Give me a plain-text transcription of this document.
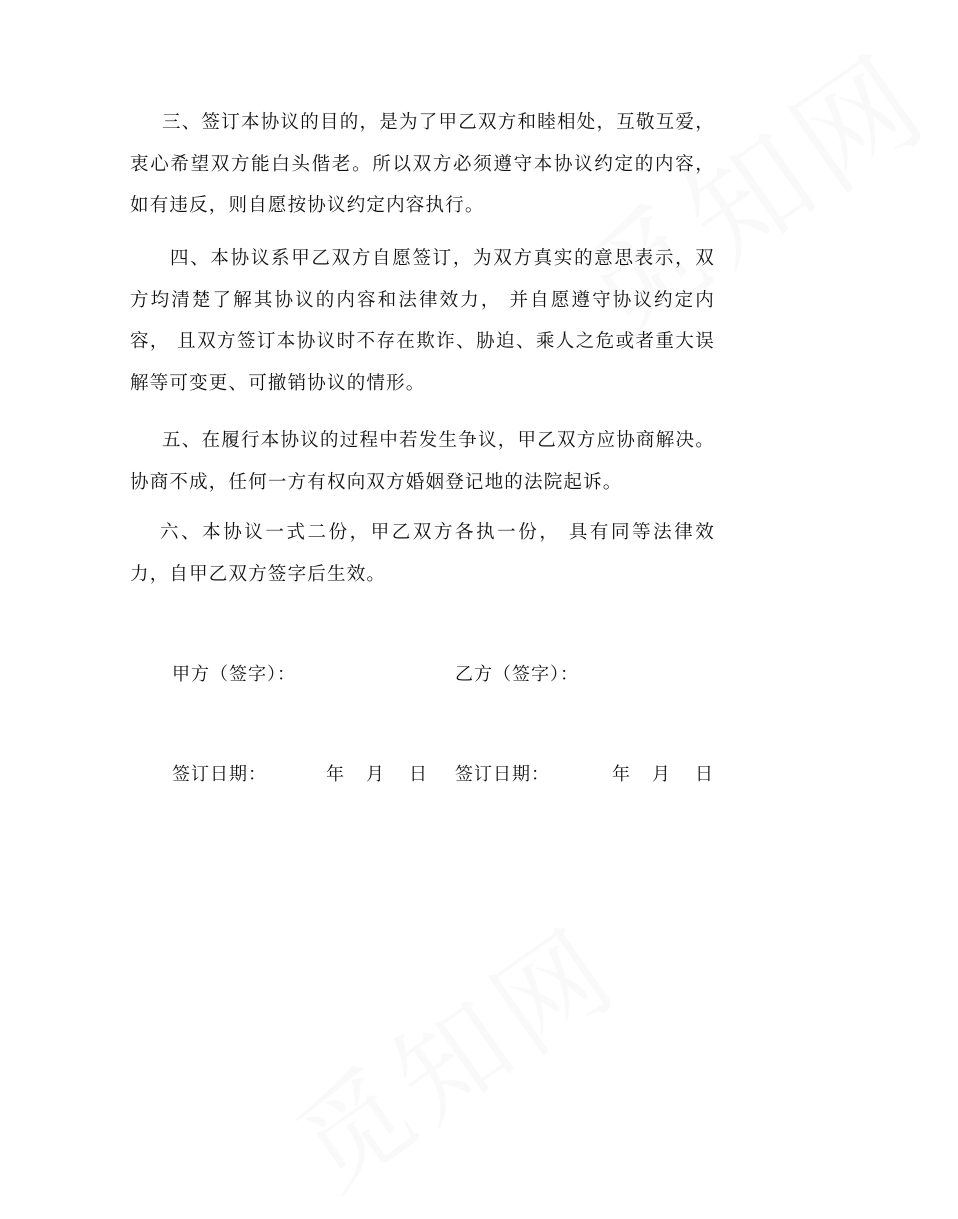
觅知网
觅知网

三、签订本协议的目的，是为了甲乙双方和睦相处，互敬互爱，衷心希望双方能白头偕老。所以双方必须遵守本协议约定的内容， 如有违反，则自愿按协议约定内容执行。

四、本协议系甲乙双方自愿签订，为双方真实的意思表示，双方均清楚了解其协议的内容和法律效力， 并自愿遵守协议约定内容， 且双方签订本协议时不存在欺诈、胁迫、乘人之危或者重大误解等可变更、可撤销协议的情形。

五、在履行本协议的过程中若发生争议，甲乙双方应协商解决。协商不成，任何一方有权向双方婚姻登记地的法院起诉。

六、本协议一式二份，甲乙双方各执一份， 具有同等法律效力，自甲乙双方签字后生效。

甲方（签字）：	乙方（签字）：
签订日期：	年 月 日 签订日期：	年 月 日
